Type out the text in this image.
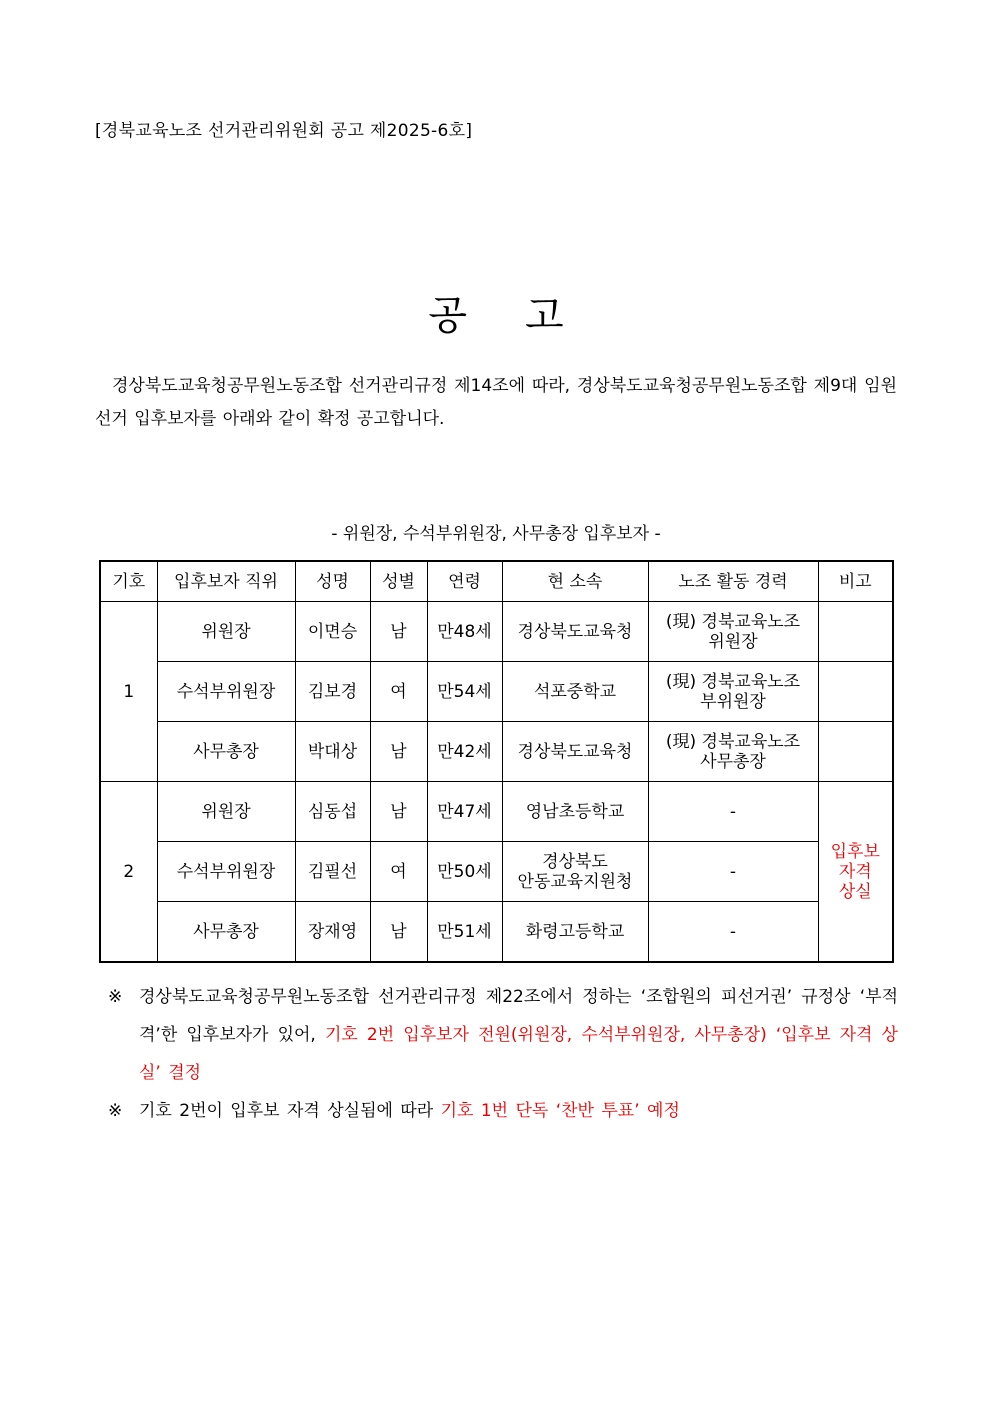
[경북교육노조 선거관리위원회 공고 제2025-6호]
공고
경상북도교육청공무원노동조합 선거관리규정 제14조에 따라, 경상북도교육청공무원노동조합 제9대 임원 선거 입후보자를 아래와 같이 확정 공고합니다.
- 위원장, 수석부위원장, 사무총장 입후보자 -
기호	입후보자 직위	성명	성별	연령	현 소속	노조 활동 경력	비고
1	위원장	이면승	남	만48세	경상북도교육청	(現) 경북교육노조
위원장	

	수석부위원장	김보경	여	만54세	석포중학교	(現) 경북교육노조
부위원장	

	사무총장	박대상	남	만42세	경상북도교육청	(現) 경북교육노조
사무총장	

2	위원장	심동섭	남	만47세	영남초등학교	-	입후보
자격
상실

	수석부위원장	김필선	여	만50세	경상북도
안동교육지원청	-	

	사무총장	장재영	남	만51세	화령고등학교	-	
※ 경상북도교육청공무원노동조합 선거관리규정 제22조에서 정하는 ‘조합원의 피선거권’ 규정상 ‘부적격’한 입후보자가 있어, 기호 2번 입후보자 전원(위원장, 수석부위원장, 사무총장) ‘입후보 자격 상실’ 결정
※ 기호 2번이 입후보 자격 상실됨에 따라 기호 1번 단독 ‘찬반 투표’ 예정
